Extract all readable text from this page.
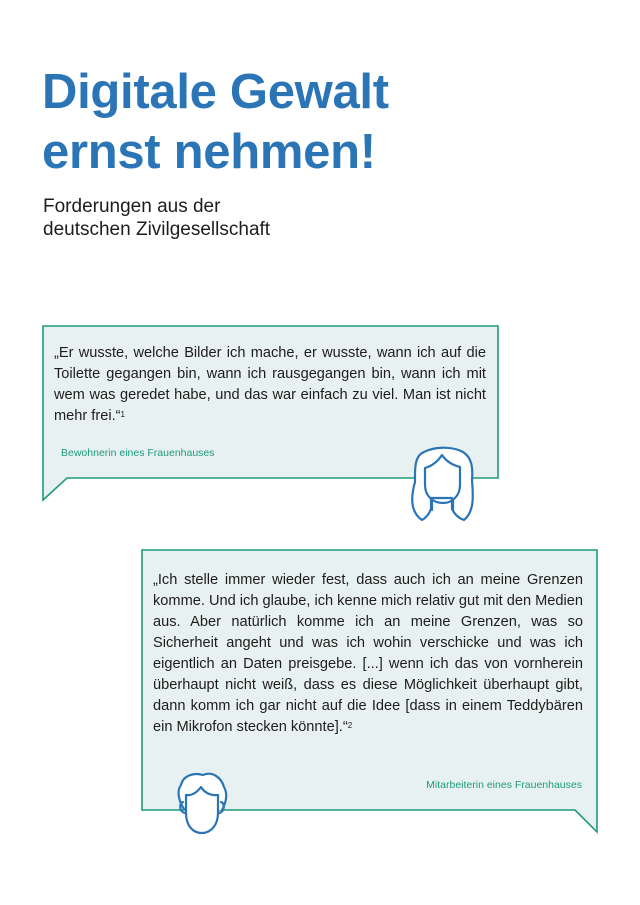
Digitale Gewalt
ernst nehmen!

Forderungen aus der
deutschen Zivilgesellschaft

„Er wusste, welche Bilder ich mache, er wusste, wann ich auf die Toilette gegangen bin, wann ich rausgegangen bin, wann ich mit wem was geredet habe, und das war einfach zu viel. Man ist nicht mehr frei.“$^1$

Bewohnerin eines Frauenhauses

„Ich stelle immer wieder fest, dass auch ich an meine Grenzen komme. Und ich glaube, ich kenne mich relativ gut mit den Medien aus. Aber natürlich komme ich an meine Grenzen, was so Sicherheit angeht und was ich wohin verschicke und was ich eigentlich an Daten preisgebe. [...] wenn ich das von vornherein überhaupt nicht weiß, dass es diese Möglichkeit überhaupt gibt, dann komm ich gar nicht auf die Idee [dass in einem Teddybären ein Mikrofon stecken könnte].“$^2$

Mitarbeiterin eines Frauenhauses
